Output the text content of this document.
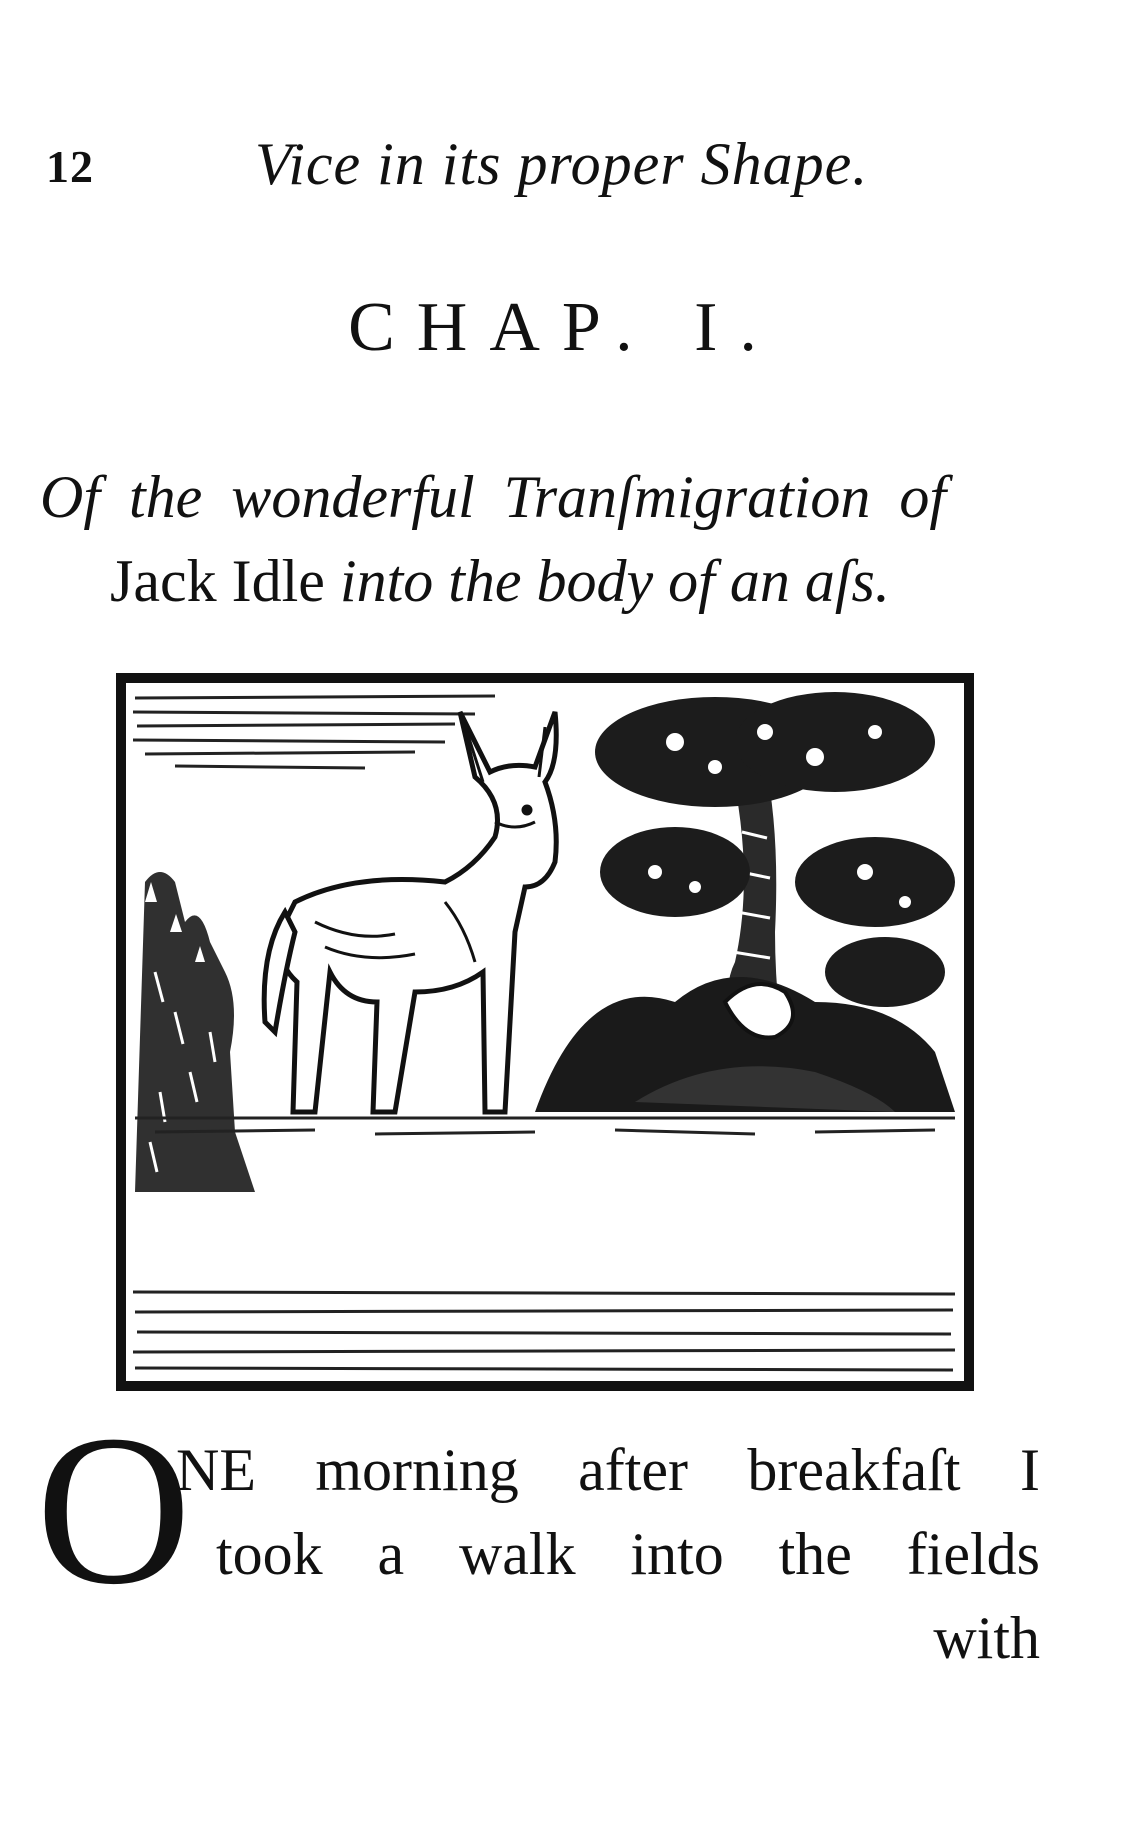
12	Vice in its proper Shape.
CHAP. I.
Of the wonderful Tranſmigration of
Jack Idle into the body of an aſs.
O
NE morning after breakfaſt I
took a walk into the fields
with
